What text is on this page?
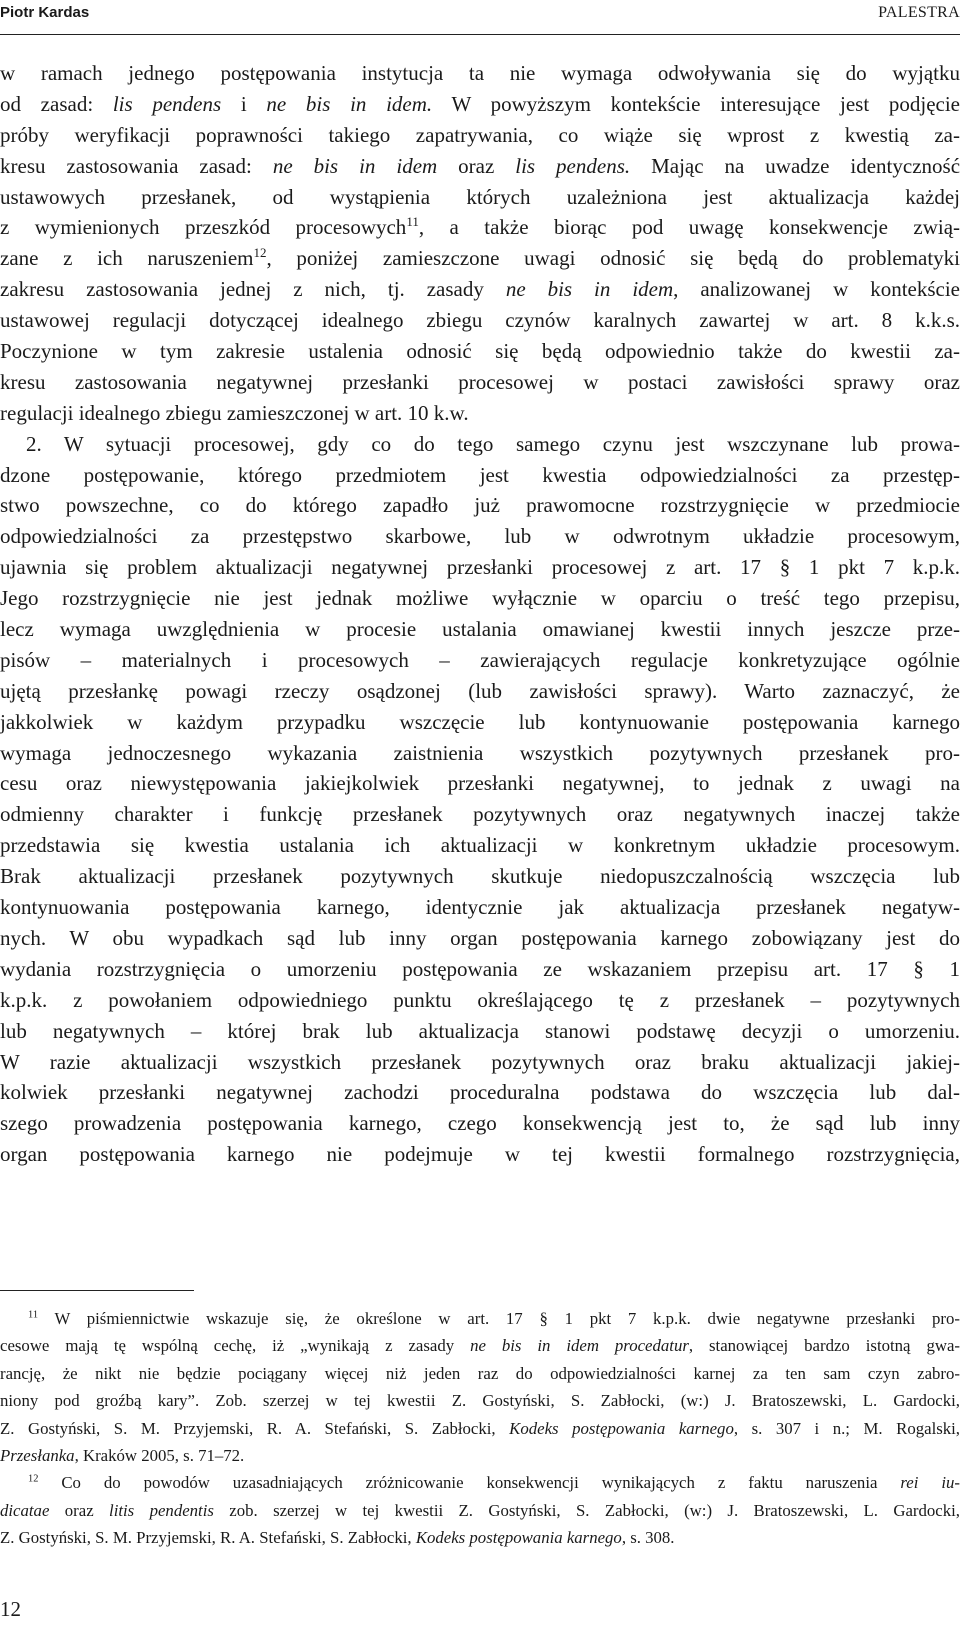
Piotr Kardas	PALESTRA
w ramach jednego postępowania instytucja ta nie wymaga odwoływania się do wyjątku
od zasad: lis pendens i ne bis in idem. W powyższym kontekście interesujące jest podjęcie
próby weryfikacji poprawności takiego zapatrywania, co wiąże się wprost z kwestią za-
kresu zastosowania zasad: ne bis in idem oraz lis pendens. Mając na uwadze identyczność
ustawowych przesłanek, od wystąpienia których uzależniona jest aktualizacja każdej
z wymienionych przeszkód procesowych$^{11}$, a także biorąc pod uwagę konsekwencje zwią-
zane z ich naruszeniem$^{12}$, poniżej zamieszczone uwagi odnosić się będą do problematyki
zakresu zastosowania jednej z nich, tj. zasady ne bis in idem, analizowanej w kontekście
ustawowej regulacji dotyczącej idealnego zbiegu czynów karalnych zawartej w art. 8 k.k.s.
Poczynione w tym zakresie ustalenia odnosić się będą odpowiednio także do kwestii za-
kresu zastosowania negatywnej przesłanki procesowej w postaci zawisłości sprawy oraz
regulacji idealnego zbiegu zamieszczonej w art. 10 k.w.
2. W sytuacji procesowej, gdy co do tego samego czynu jest wszczynane lub prowa-
dzone postępowanie, którego przedmiotem jest kwestia odpowiedzialności za przestęp-
stwo powszechne, co do którego zapadło już prawomocne rozstrzygnięcie w przedmiocie
odpowiedzialności za przestępstwo skarbowe, lub w odwrotnym układzie procesowym,
ujawnia się problem aktualizacji negatywnej przesłanki procesowej z art. 17 § 1 pkt 7 k.p.k.
Jego rozstrzygnięcie nie jest jednak możliwe wyłącznie w oparciu o treść tego przepisu,
lecz wymaga uwzględnienia w procesie ustalania omawianej kwestii innych jeszcze prze-
pisów – materialnych i procesowych – zawierających regulacje konkretyzujące ogólnie
ujętą przesłankę powagi rzeczy osądzonej (lub zawisłości sprawy). Warto zaznaczyć, że
jakkolwiek w każdym przypadku wszczęcie lub kontynuowanie postępowania karnego
wymaga jednoczesnego wykazania zaistnienia wszystkich pozytywnych przesłanek pro-
cesu oraz niewystępowania jakiejkolwiek przesłanki negatywnej, to jednak z uwagi na
odmienny charakter i funkcję przesłanek pozytywnych oraz negatywnych inaczej także
przedstawia się kwestia ustalania ich aktualizacji w konkretnym układzie procesowym.
Brak aktualizacji przesłanek pozytywnych skutkuje niedopuszczalnością wszczęcia lub
kontynuowania postępowania karnego, identycznie jak aktualizacja przesłanek negatyw-
nych. W obu wypadkach sąd lub inny organ postępowania karnego zobowiązany jest do
wydania rozstrzygnięcia o umorzeniu postępowania ze wskazaniem przepisu art. 17 § 1
k.p.k. z powołaniem odpowiedniego punktu określającego tę z przesłanek – pozytywnych
lub negatywnych – której brak lub aktualizacja stanowi podstawę decyzji o umorzeniu.
W razie aktualizacji wszystkich przesłanek pozytywnych oraz braku aktualizacji jakiej-
kolwiek przesłanki negatywnej zachodzi proceduralna podstawa do wszczęcia lub dal-
szego prowadzenia postępowania karnego, czego konsekwencją jest to, że sąd lub inny
organ postępowania karnego nie podejmuje w tej kwestii formalnego rozstrzygnięcia,
$^{11}$ W piśmiennictwie wskazuje się, że określone w art. 17 § 1 pkt 7 k.p.k. dwie negatywne przesłanki pro-
cesowe mają tę wspólną cechę, iż „wynikają z zasady ne bis in idem procedatur, stanowiącej bardzo istotną gwa-
rancję, że nikt nie będzie pociągany więcej niż jeden raz do odpowiedzialności karnej za ten sam czyn zabro-
niony pod groźbą kary”. Zob. szerzej w tej kwestii Z. Gostyński, S. Zabłocki, (w:) J. Bratoszewski, L. Gardocki,
Z. Gostyński, S. M. Przyjemski, R. A. Stefański, S. Zabłocki, Kodeks postępowania karnego, s. 307 i n.; M. Rogalski,
Przesłanka, Kraków 2005, s. 71–72.
$^{12}$ Co do powodów uzasadniających zróżnicowanie konsekwencji wynikających z faktu naruszenia rei iu-
dicatae oraz litis pendentis zob. szerzej w tej kwestii Z. Gostyński, S. Zabłocki, (w:) J. Bratoszewski, L. Gardocki,
Z. Gostyński, S. M. Przyjemski, R. A. Stefański, S. Zabłocki, Kodeks postępowania karnego, s. 308.
12
